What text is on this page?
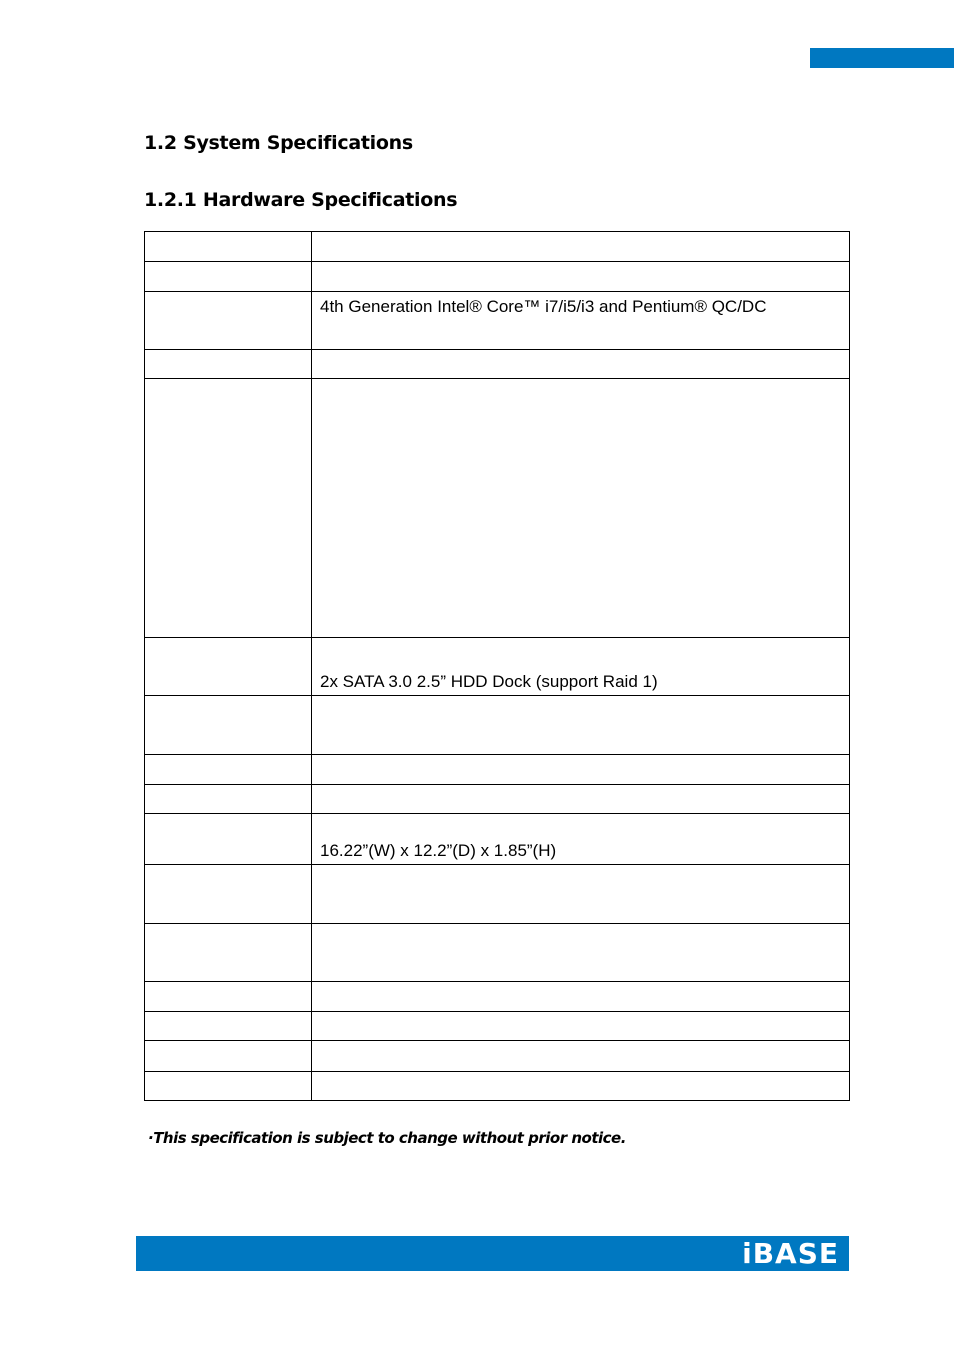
1.2 System Specifications
1.2.1 Hardware Specifications

	4th Generation Intel® Core™ i7/i5/i3 and Pentium® QC/DC

	2x SATA 3.0 2.5” HDD Dock (support Raid 1)

	16.22”(W) x 12.2”(D) x 1.85”(H)

·This specification is subject to change without prior notice.
iBASE
